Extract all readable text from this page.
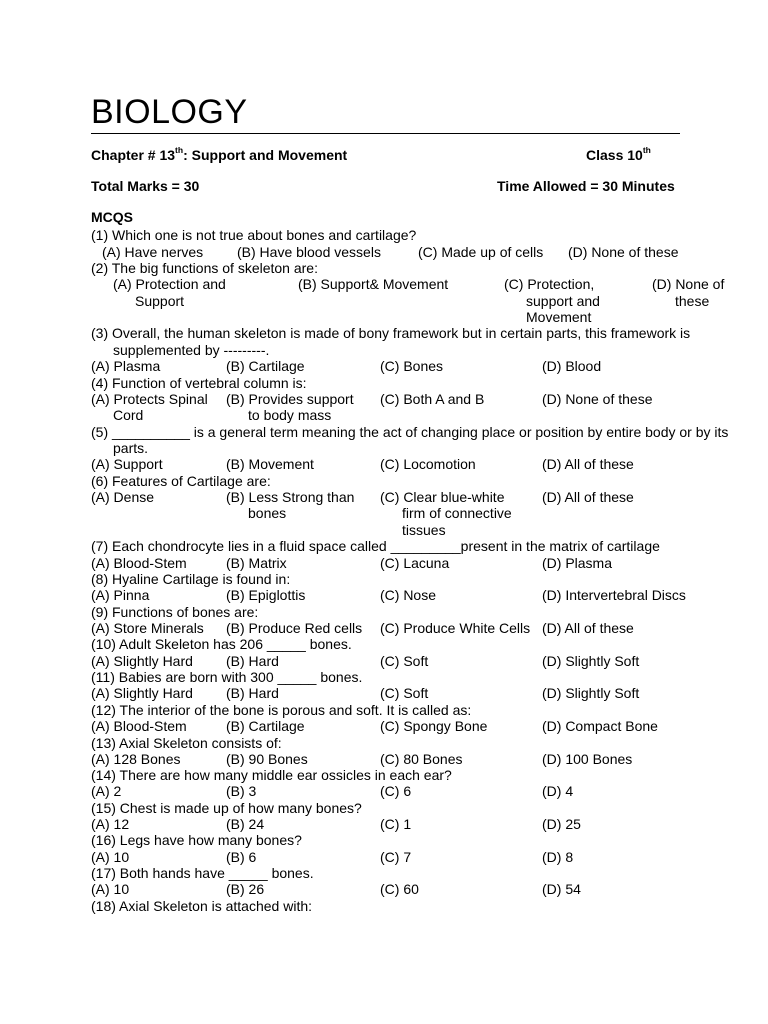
BIOLOGY
Chapter # 13th: Support and Movement	Class 10th
Total Marks = 30	Time Allowed = 30 Minutes
MCQS
(1) Which one is not true about bones and cartilage?
(A) Have nerves (B) Have blood vessels	(C) Made up of cells (D) None of these
(2) The big functions of skeleton are:
(A) Protection and
Support
(B) Support& Movement	(C) Protection,
support and
Movement
(D) None of
these
(3) Overall, the human skeleton is made of bony framework but in certain parts, this framework is
supplemented by ---------.
(A) Plasma	(B) Cartilage	(C) Bones	(D) Blood
(4) Function of vertebral column is:
(A) Protects Spinal
Cord
(B) Provides support
to body mass
(C) Both A and B	(D) None of these
(5) __________ is a general term meaning the act of changing place or position by entire body or by its
parts.
(A) Support	(B) Movement	(C) Locomotion	(D) All of these
(6) Features of Cartilage are:
(A) Dense	(B) Less Strong than
bones
(C) Clear blue-white
firm of connective
tissues
(D) All of these
(7) Each chondrocyte lies in a fluid space called _________present in the matrix of cartilage
(A) Blood-Stem	(B) Matrix	(C) Lacuna	(D) Plasma
(8) Hyaline Cartilage is found in:
(A) Pinna	(B) Epiglottis	(C) Nose	(D) Intervertebral Discs
(9) Functions of bones are:
(A) Store Minerals (B) Produce Red cells (C) Produce White Cells (D) All of these
(10) Adult Skeleton has 206 _____ bones.
(A) Slightly Hard (B) Hard	(C) Soft	(D) Slightly Soft
(11) Babies are born with 300 _____ bones.
(A) Slightly Hard (B) Hard	(C) Soft	(D) Slightly Soft
(12) The interior of the bone is porous and soft. It is called as:
(A) Blood-Stem	(B) Cartilage	(C) Spongy Bone	(D) Compact Bone
(13) Axial Skeleton consists of:
(A) 128 Bones	(B) 90 Bones	(C) 80 Bones	(D) 100 Bones
(14) There are how many middle ear ossicles in each ear?
(A) 2	(B) 3	(C) 6	(D) 4
(15) Chest is made up of how many bones?
(A) 12	(B) 24	(C) 1	(D) 25
(16) Legs have how many bones?
(A) 10	(B) 6	(C) 7	(D) 8
(17) Both hands have _____ bones.
(A) 10	(B) 26	(C) 60	(D) 54
(18) Axial Skeleton is attached with:
